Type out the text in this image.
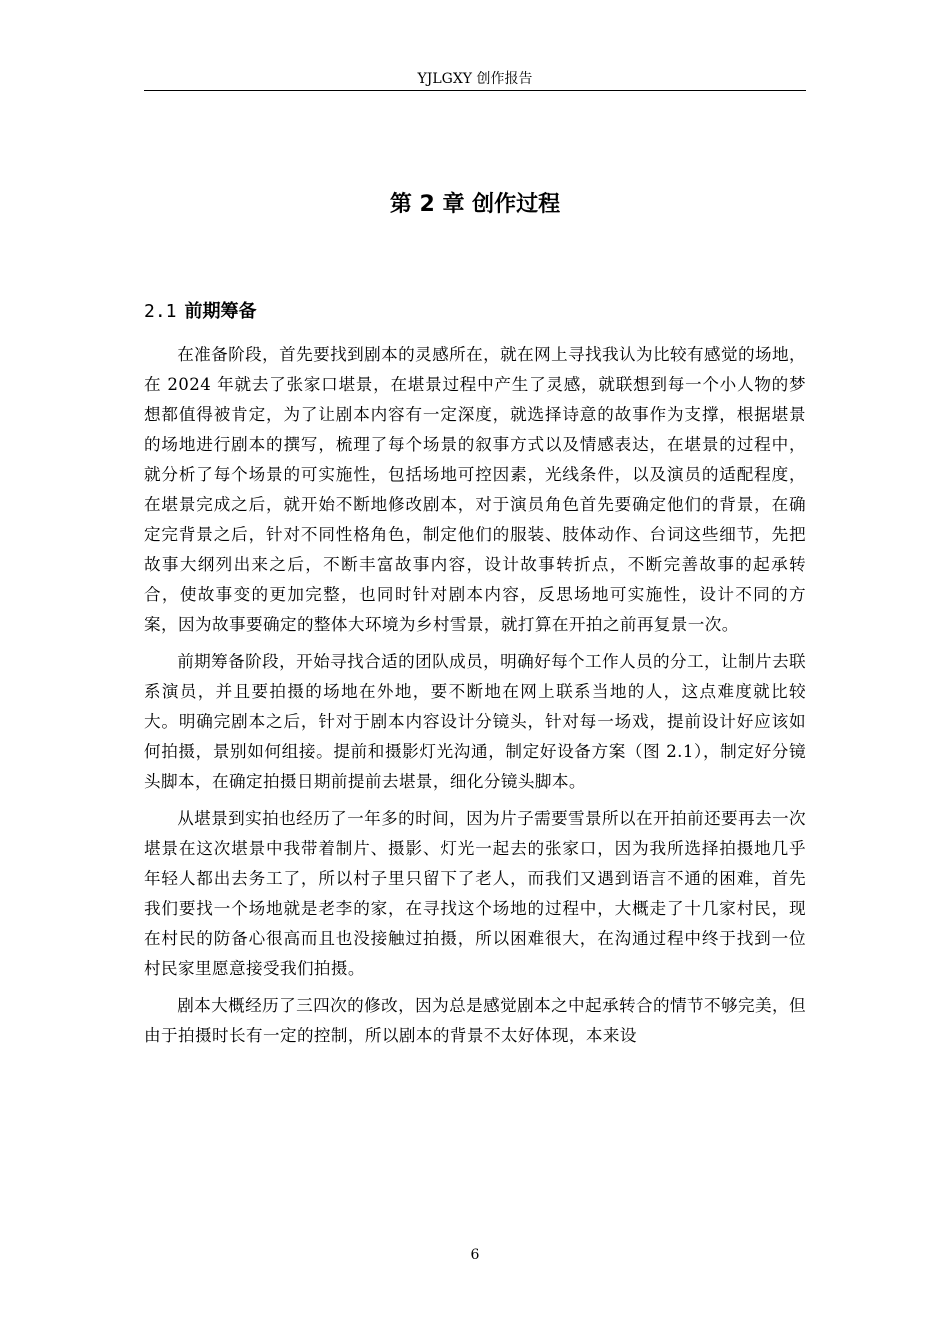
YJLGXY 创作报告
第 2 章 创作过程
2.1 前期筹备

在准备阶段，首先要找到剧本的灵感所在，就在网上寻找我认为比较有感觉的场地，在 2024 年就去了张家口堪景，在堪景过程中产生了灵感，就联想到每一个小人物的梦想都值得被肯定，为了让剧本内容有一定深度，就选择诗意的故事作为支撑，根据堪景的场地进行剧本的撰写，梳理了每个场景的叙事方式以及情感表达，在堪景的过程中，就分析了每个场景的可实施性，包括场地可控因素，光线条件，以及演员的适配程度，在堪景完成之后，就开始不断地修改剧本，对于演员角色首先要确定他们的背景，在确定完背景之后，针对不同性格角色，制定他们的服装、肢体动作、台词这些细节，先把故事大纲列出来之后，不断丰富故事内容，设计故事转折点，不断完善故事的起承转合，使故事变的更加完整，也同时针对剧本内容，反思场地可实施性，设计不同的方案，因为故事要确定的整体大环境为乡村雪景，就打算在开拍之前再复景一次。

前期筹备阶段，开始寻找合适的团队成员，明确好每个工作人员的分工，让制片去联系演员，并且要拍摄的场地在外地，要不断地在网上联系当地的人，这点难度就比较大。明确完剧本之后，针对于剧本内容设计分镜头，针对每一场戏，提前设计好应该如何拍摄，景别如何组接。提前和摄影灯光沟通，制定好设备方案（图 2.1），制定好分镜头脚本，在确定拍摄日期前提前去堪景，细化分镜头脚本。

从堪景到实拍也经历了一年多的时间，因为片子需要雪景所以在开拍前还要再去一次堪景在这次堪景中我带着制片、摄影、灯光一起去的张家口，因为我所选择拍摄地几乎年轻人都出去务工了，所以村子里只留下了老人，而我们又遇到语言不通的困难，首先我们要找一个场地就是老李的家，在寻找这个场地的过程中，大概走了十几家村民，现在村民的防备心很高而且也没接触过拍摄，所以困难很大，在沟通过程中终于找到一位村民家里愿意接受我们拍摄。

剧本大概经历了三四次的修改，因为总是感觉剧本之中起承转合的情节不够完美，但由于拍摄时长有一定的控制，所以剧本的背景不太好体现，本来设

6
